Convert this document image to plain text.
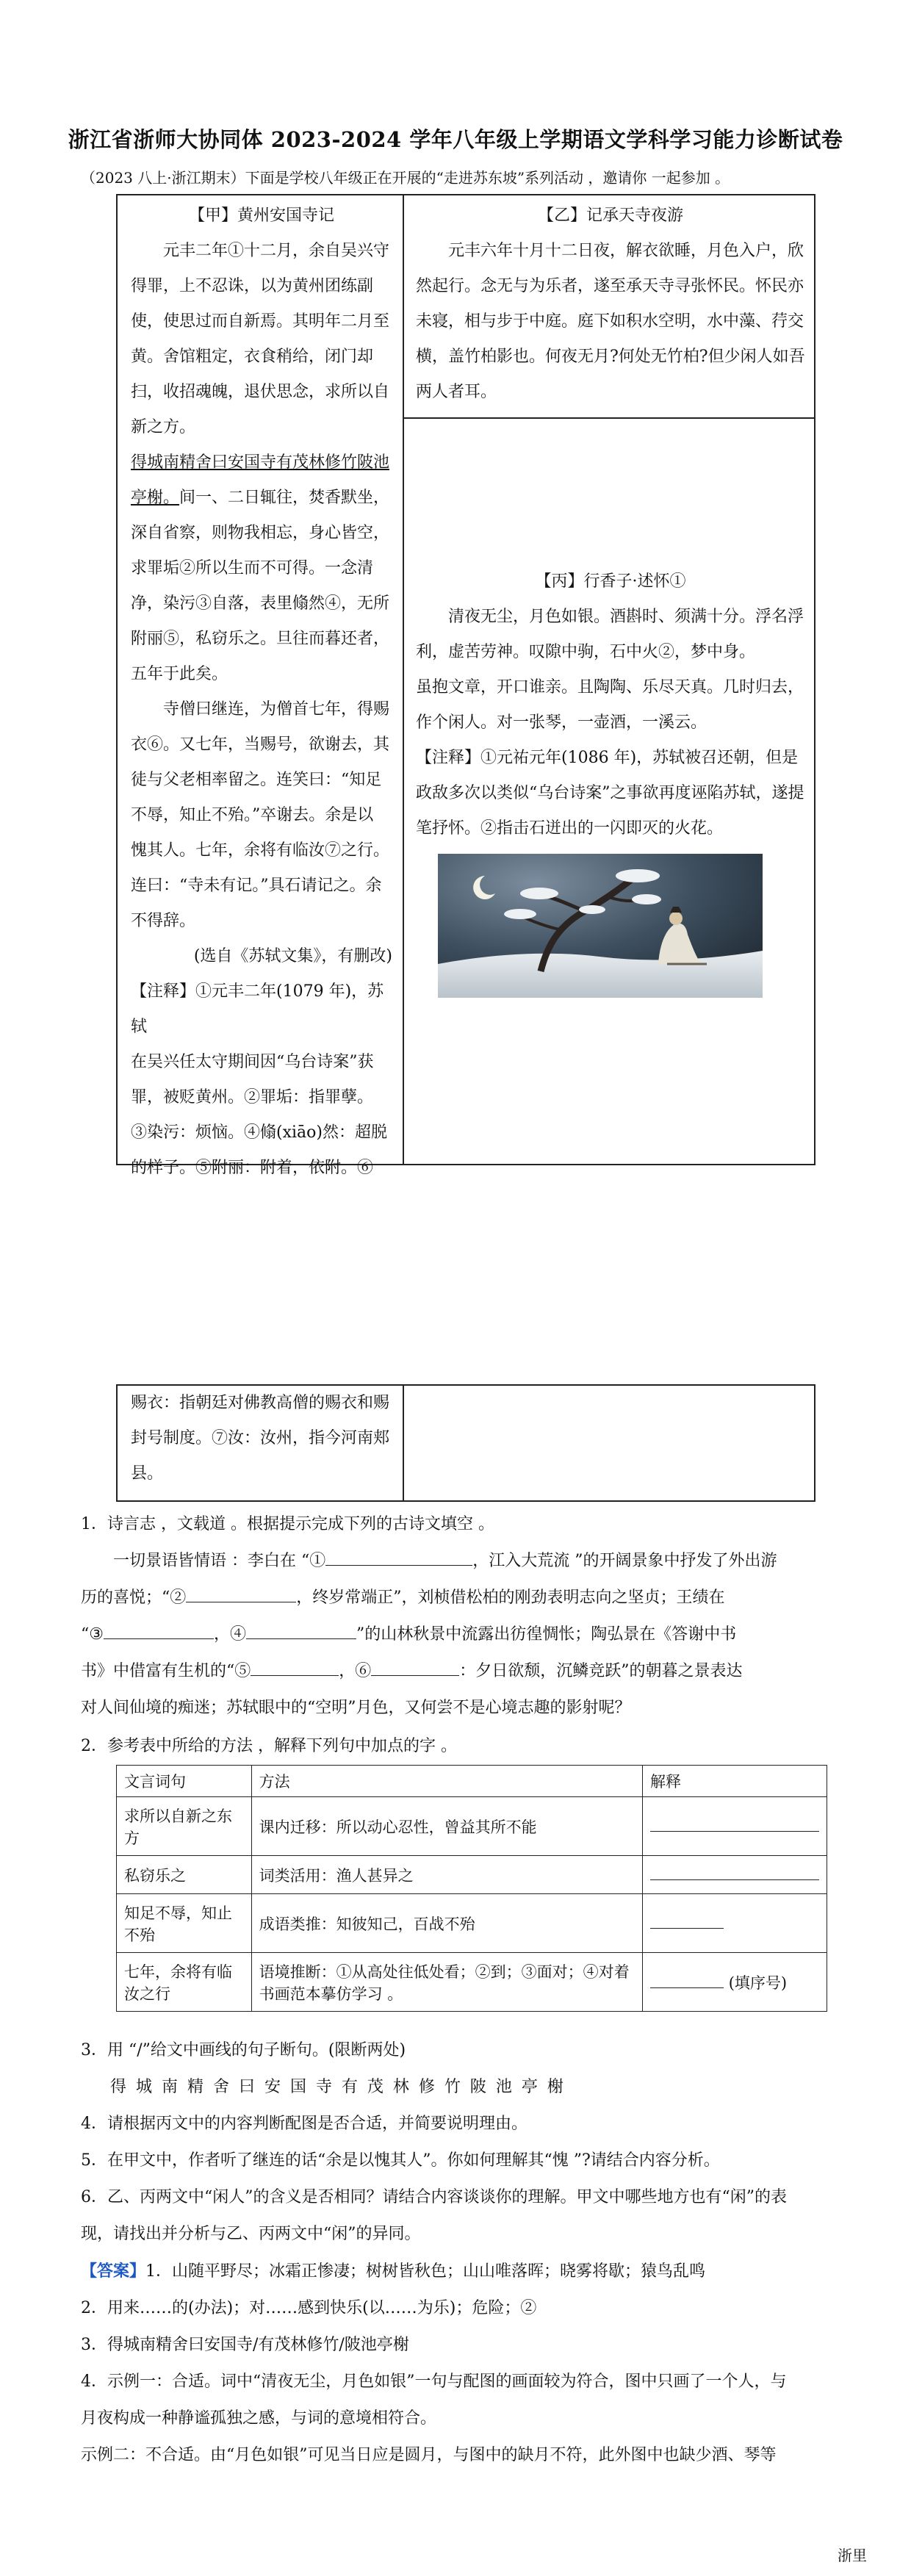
浙江省浙师大协同体 2023-2024 学年八年级上学期语文学科学习能力诊断试卷
（2023 八上·浙江期末）下面是学校八年级正在开展的“走进苏东坡”系列活动 ，邀请你 一起参加 。
【甲】黄州安国寺记

元丰二年①十二月，余自吴兴守

得罪，上不忍诛，以为黄州团练副

使，使思过而自新焉。其明年二月至

黄。舍馆粗定，衣食稍给，闭门却

扫，收招魂魄，退伏思念，求所以自

新之方。

得城南精舍曰安国寺有茂林修竹陂池

亭榭。间一、二日辄往，焚香默坐，

深自省察，则物我相忘，身心皆空，

求罪垢②所以生而不可得。一念清

净，染污③自落，表里翛然④，无所

附丽⑤，私窃乐之。旦往而暮还者，

五年于此矣。

寺僧曰继连，为僧首七年，得赐

衣⑥。又七年，当赐号，欲谢去，其

徒与父老相率留之。连笑曰：“知足

不辱，知止不殆。”卒谢去。余是以

愧其人。七年，余将有临汝⑦之行。

连曰：“寺未有记。”具石请记之。余

不得辞。

(选自《苏轼文集》，有删改)

【注释】①元丰二年(1079 年)，苏轼

在吴兴任太守期间因“乌台诗案”获

罪，被贬黄州。②罪垢：指罪孽。

③染污：烦恼。④翛(xiāo)然：超脱

的样子。⑤附丽：附着，依附。⑥

【乙】记承天寺夜游

元丰六年十月十二日夜，解衣欲睡，月色入户，欣

然起行。念无与为乐者，遂至承天寺寻张怀民。怀民亦

未寝，相与步于中庭。庭下如积水空明，水中藻、荇交

横，盖竹柏影也。何夜无月?何处无竹柏?但少闲人如吾

两人者耳。

【丙】行香子·述怀①

清夜无尘，月色如银。酒斟时、须满十分。浮名浮

利，虚苦劳神。叹隙中驹，石中火②，梦中身。

虽抱文章，开口谁亲。且陶陶、乐尽天真。几时归去，

作个闲人。对一张琴，一壶酒，一溪云。

【注释】①元祐元年(1086 年)，苏轼被召还朝，但是

政敌多次以类似“乌台诗案”之事欲再度诬陷苏轼，遂提

笔抒怀。②指击石迸出的一闪即灭的火花。

赐衣：指朝廷对佛教高僧的赐衣和赐

封号制度。⑦汝：汝州，指今河南郏

县。

1．诗言志 ，文载道 。根据提示完成下列的古诗文填空 。

一切景语皆情语 ：李白在 “①	，江入大荒流 ”的开阔景象中抒发了外出游

历的喜悦；“②	，终岁常端正”，刘桢借松柏的刚劲表明志向之坚贞；王绩在

“③	，④	”的山林秋景中流露出彷徨惆怅；陶弘景在《答谢中书

书》中借富有生机的“⑤	，⑥	：夕日欲颓，沉鳞竞跃”的朝暮之景表达

对人间仙境的痴迷；苏轼眼中的“空明”月色，又何尝不是心境志趣的影射呢？

2．参考表中所给的方法 ，解释下列句中加点的字 。

文言词句	方法	解释
求所以自新之东方	课内迁移：所以动心忍性，曾益其所不能	
私窃乐之	词类活用：渔人甚异之	
知足不辱，知止不殆	成语类推：知彼知己，百战不殆	
七年，余将有临汝之行	语境推断：①从高处往低处看；②到；③面对；④对着书画范本摹仿学习 。	(填序号)

3．用 “/”给文中画线的句子断句。(限断两处)

得 城 南 精 舍 曰 安 国 寺 有 茂 林 修 竹 陂 池 亭 榭

4．请根据丙文中的内容判断配图是否合适，并简要说明理由。

5．在甲文中，作者听了继连的话“余是以愧其人”。你如何理解其“愧 ”?请结合内容分析。

6．乙、丙两文中“闲人”的含义是否相同？请结合内容谈谈你的理解。甲文中哪些地方也有“闲”的表

现，请找出并分析与乙、丙两文中“闲”的异同。

【答案】1．山随平野尽；冰霜正惨凄；树树皆秋色；山山唯落晖；晓雾将歇；猿鸟乱鸣

2．用来……的(办法)；对……感到快乐(以……为乐)；危险；②

3．得城南精舍曰安国寺/有茂林修竹/陂池亭榭

4．示例一：合适。词中“清夜无尘，月色如银”一句与配图的画面较为符合，图中只画了一个人，与

月夜构成一种静谧孤独之感，与词的意境相符合。

示例二：不合适。由“月色如银”可见当日应是圆月，与图中的缺月不符，此外图中也缺少酒、琴等

浙里
